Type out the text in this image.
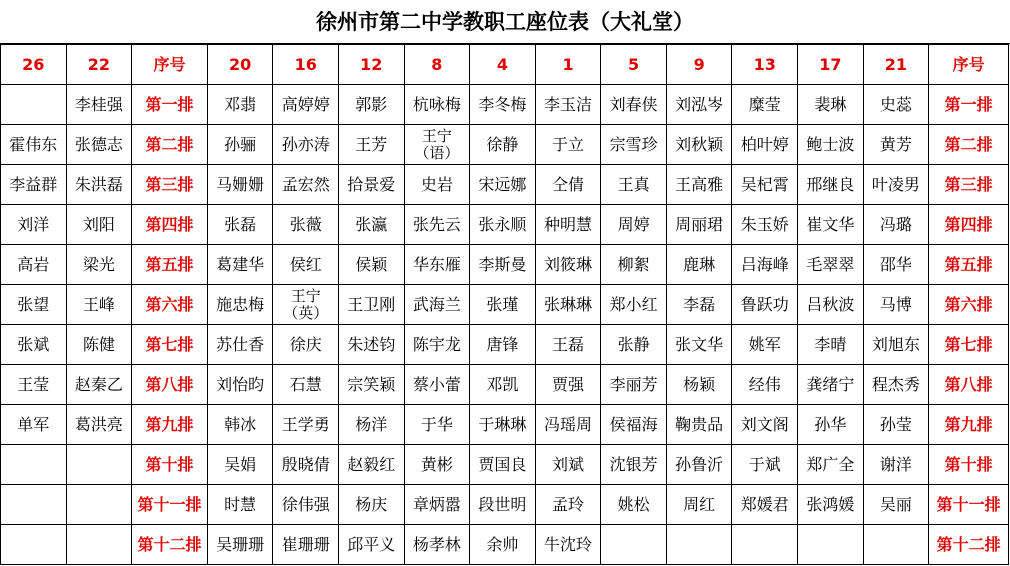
徐州市第二中学教职工座位表（大礼堂）
26	22	序号	20	16	12	8	4	1	5	9	13	17	21	序号
	李桂强	第一排	邓翡	高婷婷	郭影	杭咏梅	李冬梅	李玉洁	刘春侠	刘泓岑	糜莹	裴琳	史蕊	第一排
霍伟东	张德志	第二排	孙骊	孙亦涛	王芳	王宁
（语）	徐静	于立	宗雪珍	刘秋颖	柏叶婷	鲍士波	黄芳	第二排
李益群	朱洪磊	第三排	马姗姗	孟宏然	拾景爱	史岩	宋远娜	仝倩	王真	王高雅	吴杞霄	邢继良	叶凌男	第三排
刘洋	刘阳	第四排	张磊	张薇	张瀛	张先云	张永顺	种明慧	周婷	周丽珺	朱玉娇	崔文华	冯璐	第四排
高岩	梁光	第五排	葛建华	侯红	侯颖	华东雁	李斯曼	刘筱琳	柳絮	鹿琳	吕海峰	毛翠翠	邵华	第五排
张望	王峰	第六排	施忠梅	王宁
（英）	王卫刚	武海兰	张瑾	张琳琳	郑小红	李磊	鲁跃功	吕秋波	马博	第六排
张斌	陈健	第七排	苏仕香	徐庆	朱述钧	陈宇龙	唐锋	王磊	张静	张文华	姚军	李晴	刘旭东	第七排
王莹	赵秦乙	第八排	刘怡昀	石慧	宗笑颖	蔡小蕾	邓凯	贾强	李丽芳	杨颖	经伟	龚绪宁	程杰秀	第八排
单军	葛洪亮	第九排	韩冰	王学勇	杨洋	于华	于琳琳	冯瑶周	侯福海	鞠贵品	刘文阁	孙华	孙莹	第九排
		第十排	吴娟	殷晓倩	赵毅红	黄彬	贾国良	刘斌	沈银芳	孙鲁沂	于斌	郑广全	谢洋	第十排
		第十一排	时慧	徐伟强	杨庆	章炳嚣	段世明	孟玲	姚松	周红	郑媛君	张鸿媛	吴丽	第十一排
		第十二排	吴珊珊	崔珊珊	邱平义	杨孝林	余帅	牛沈玲						第十二排
